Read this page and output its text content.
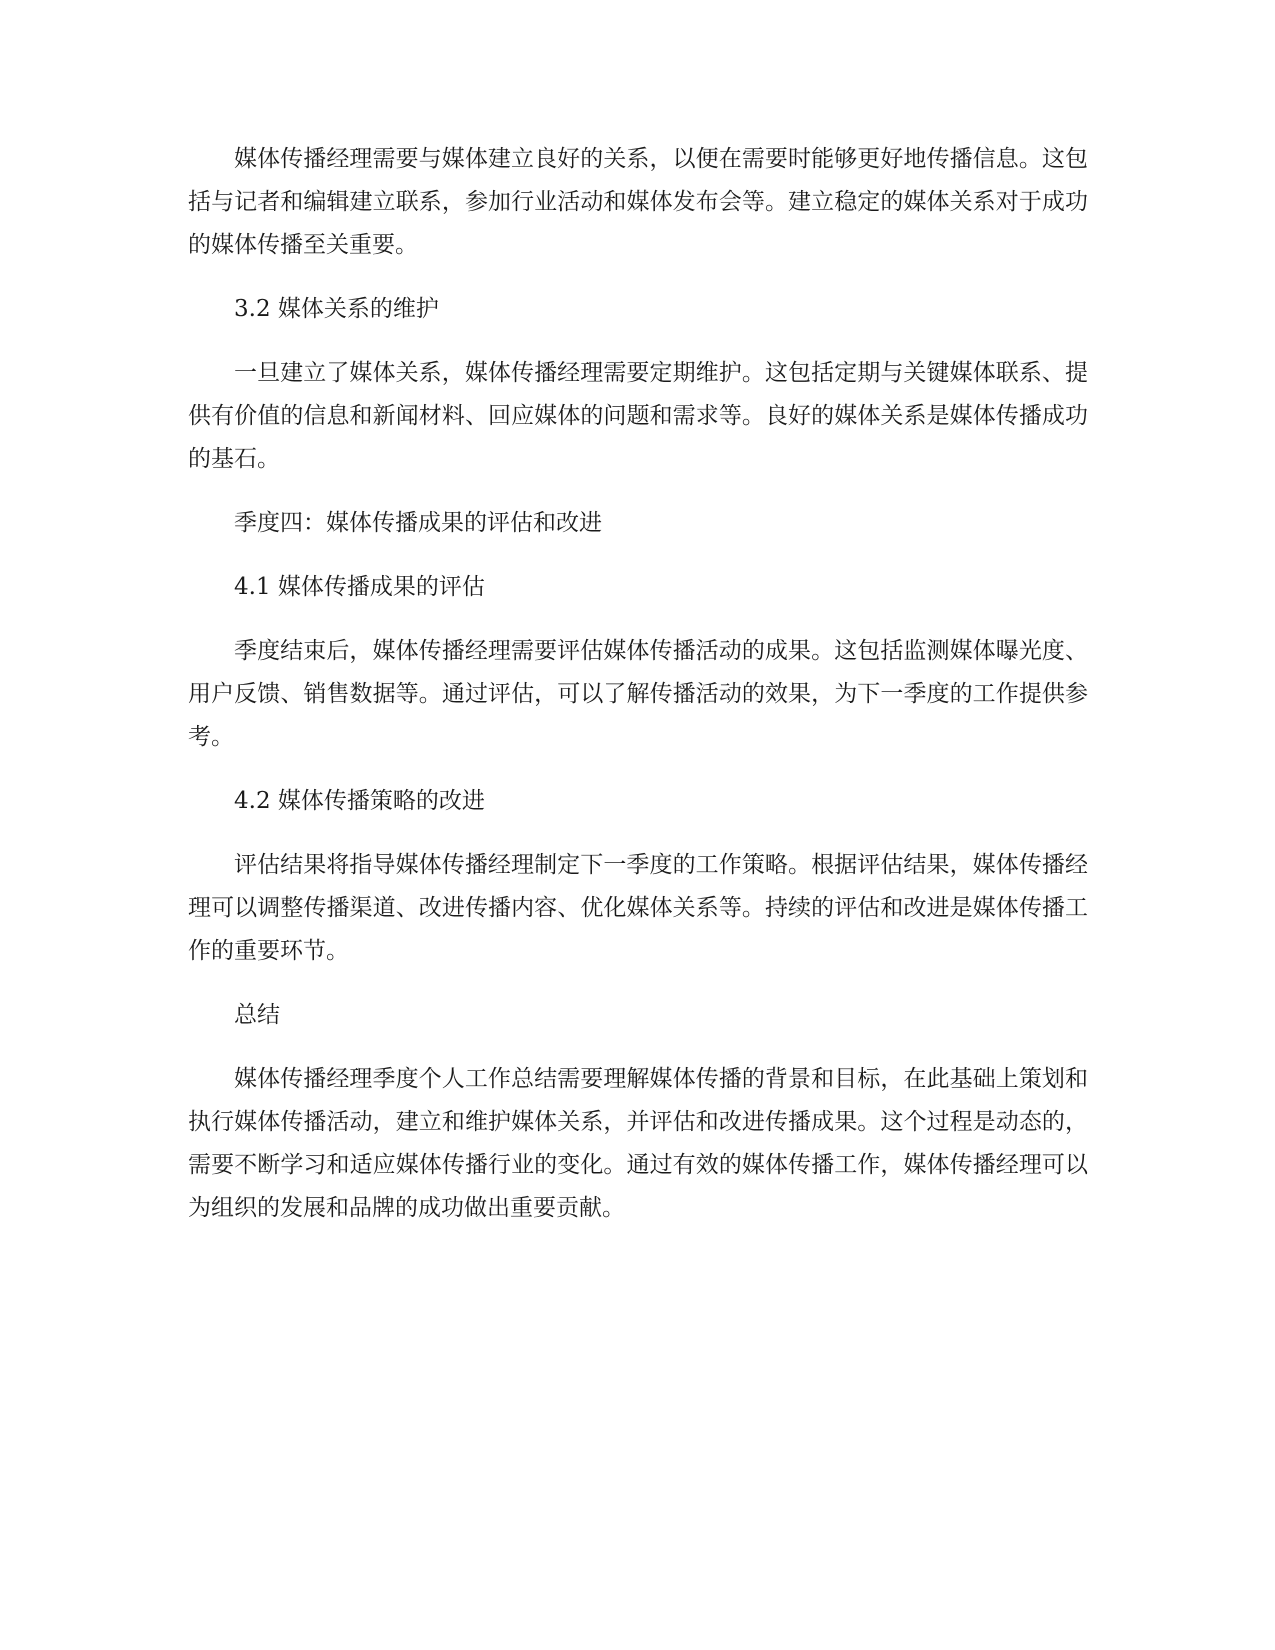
媒体传播经理需要与媒体建立良好的关系，以便在需要时能够更好地传播信息。这包括与记者和编辑建立联系，参加行业活动和媒体发布会等。建立稳定的媒体关系对于成功的媒体传播至关重要。

3.2 媒体关系的维护

一旦建立了媒体关系，媒体传播经理需要定期维护。这包括定期与关键媒体联系、提供有价值的信息和新闻材料、回应媒体的问题和需求等。良好的媒体关系是媒体传播成功的基石。

季度四：媒体传播成果的评估和改进

4.1 媒体传播成果的评估

季度结束后，媒体传播经理需要评估媒体传播活动的成果。这包括监测媒体曝光度、用户反馈、销售数据等。通过评估，可以了解传播活动的效果，为下一季度的工作提供参考。

4.2 媒体传播策略的改进

评估结果将指导媒体传播经理制定下一季度的工作策略。根据评估结果，媒体传播经理可以调整传播渠道、改进传播内容、优化媒体关系等。持续的评估和改进是媒体传播工作的重要环节。

总结

媒体传播经理季度个人工作总结需要理解媒体传播的背景和目标，在此基础上策划和执行媒体传播活动，建立和维护媒体关系，并评估和改进传播成果。这个过程是动态的，需要不断学习和适应媒体传播行业的变化。通过有效的媒体传播工作，媒体传播经理可以为组织的发展和品牌的成功做出重要贡献。
